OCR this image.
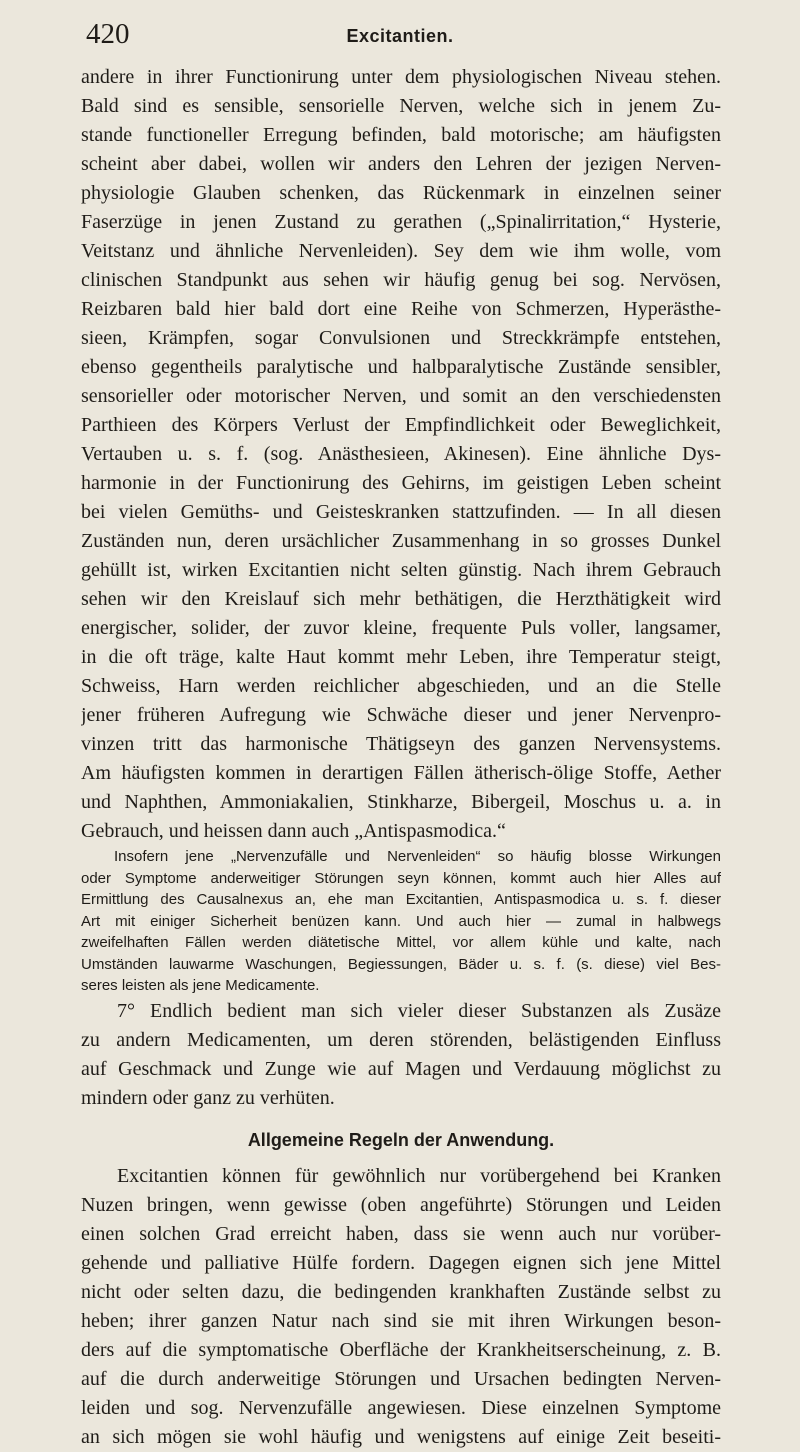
420	Excitantien.
andere in ihrer Functionirung unter dem physiologischen Niveau stehen.
Bald sind es sensible, sensorielle Nerven, welche sich in jenem Zu-
stande functioneller Erregung befinden, bald motorische; am häufigsten
scheint aber dabei, wollen wir anders den Lehren der jezigen Nerven-
physiologie Glauben schenken, das Rückenmark in einzelnen seiner
Faserzüge in jenen Zustand zu gerathen („Spinalirritation,“ Hysterie,
Veitstanz und ähnliche Nervenleiden). Sey dem wie ihm wolle, vom
clinischen Standpunkt aus sehen wir häufig genug bei sog. Nervösen,
Reizbaren bald hier bald dort eine Reihe von Schmerzen, Hyperästhe-
sieen, Krämpfen, sogar Convulsionen und Streckkrämpfe entstehen,
ebenso gegentheils paralytische und halbparalytische Zustände sensibler,
sensorieller oder motorischer Nerven, und somit an den verschiedensten
Parthieen des Körpers Verlust der Empfindlichkeit oder Beweglichkeit,
Vertauben u. s. f. (sog. Anästhesieen, Akinesen). Eine ähnliche Dys-
harmonie in der Functionirung des Gehirns, im geistigen Leben scheint
bei vielen Gemüths- und Geisteskranken stattzufinden. — In all diesen
Zuständen nun, deren ursächlicher Zusammenhang in so grosses Dunkel
gehüllt ist, wirken Excitantien nicht selten günstig. Nach ihrem Gebrauch
sehen wir den Kreislauf sich mehr bethätigen, die Herzthätigkeit wird
energischer, solider, der zuvor kleine, frequente Puls voller, langsamer,
in die oft träge, kalte Haut kommt mehr Leben, ihre Temperatur steigt,
Schweiss, Harn werden reichlicher abgeschieden, und an die Stelle
jener früheren Aufregung wie Schwäche dieser und jener Nervenpro-
vinzen tritt das harmonische Thätigseyn des ganzen Nervensystems.
Am häufigsten kommen in derartigen Fällen ätherisch-ölige Stoffe, Aether
und Naphthen, Ammoniakalien, Stinkharze, Bibergeil, Moschus u. a. in
Gebrauch, und heissen dann auch „Antispasmodica.“
Insofern jene „Nervenzufälle und Nervenleiden“ so häufig blosse Wirkungen
oder Symptome anderweitiger Störungen seyn können, kommt auch hier Alles auf
Ermittlung des Causalnexus an, ehe man Excitantien, Antispasmodica u. s. f. dieser
Art mit einiger Sicherheit benüzen kann. Und auch hier — zumal in halbwegs
zweifelhaften Fällen werden diätetische Mittel, vor allem kühle und kalte, nach
Umständen lauwarme Waschungen, Begiessungen, Bäder u. s. f. (s. diese) viel Bes-
seres leisten als jene Medicamente.
7° Endlich bedient man sich vieler dieser Substanzen als Zusäze
zu andern Medicamenten, um deren störenden, belästigenden Einfluss
auf Geschmack und Zunge wie auf Magen und Verdauung möglichst zu
mindern oder ganz zu verhüten.
Allgemeine Regeln der Anwendung.
Excitantien können für gewöhnlich nur vorübergehend bei Kranken
Nuzen bringen, wenn gewisse (oben angeführte) Störungen und Leiden
einen solchen Grad erreicht haben, dass sie wenn auch nur vorüber-
gehende und palliative Hülfe fordern. Dagegen eignen sich jene Mittel
nicht oder selten dazu, die bedingenden krankhaften Zustände selbst zu
heben; ihrer ganzen Natur nach sind sie mit ihren Wirkungen beson-
ders auf die symptomatische Oberfläche der Krankheitserscheinung, z. B.
auf die durch anderweitige Störungen und Ursachen bedingten Nerven-
leiden und sog. Nervenzufälle angewiesen. Diese einzelnen Symptome
an sich mögen sie wohl häufig und wenigstens auf einige Zeit beseiti-
